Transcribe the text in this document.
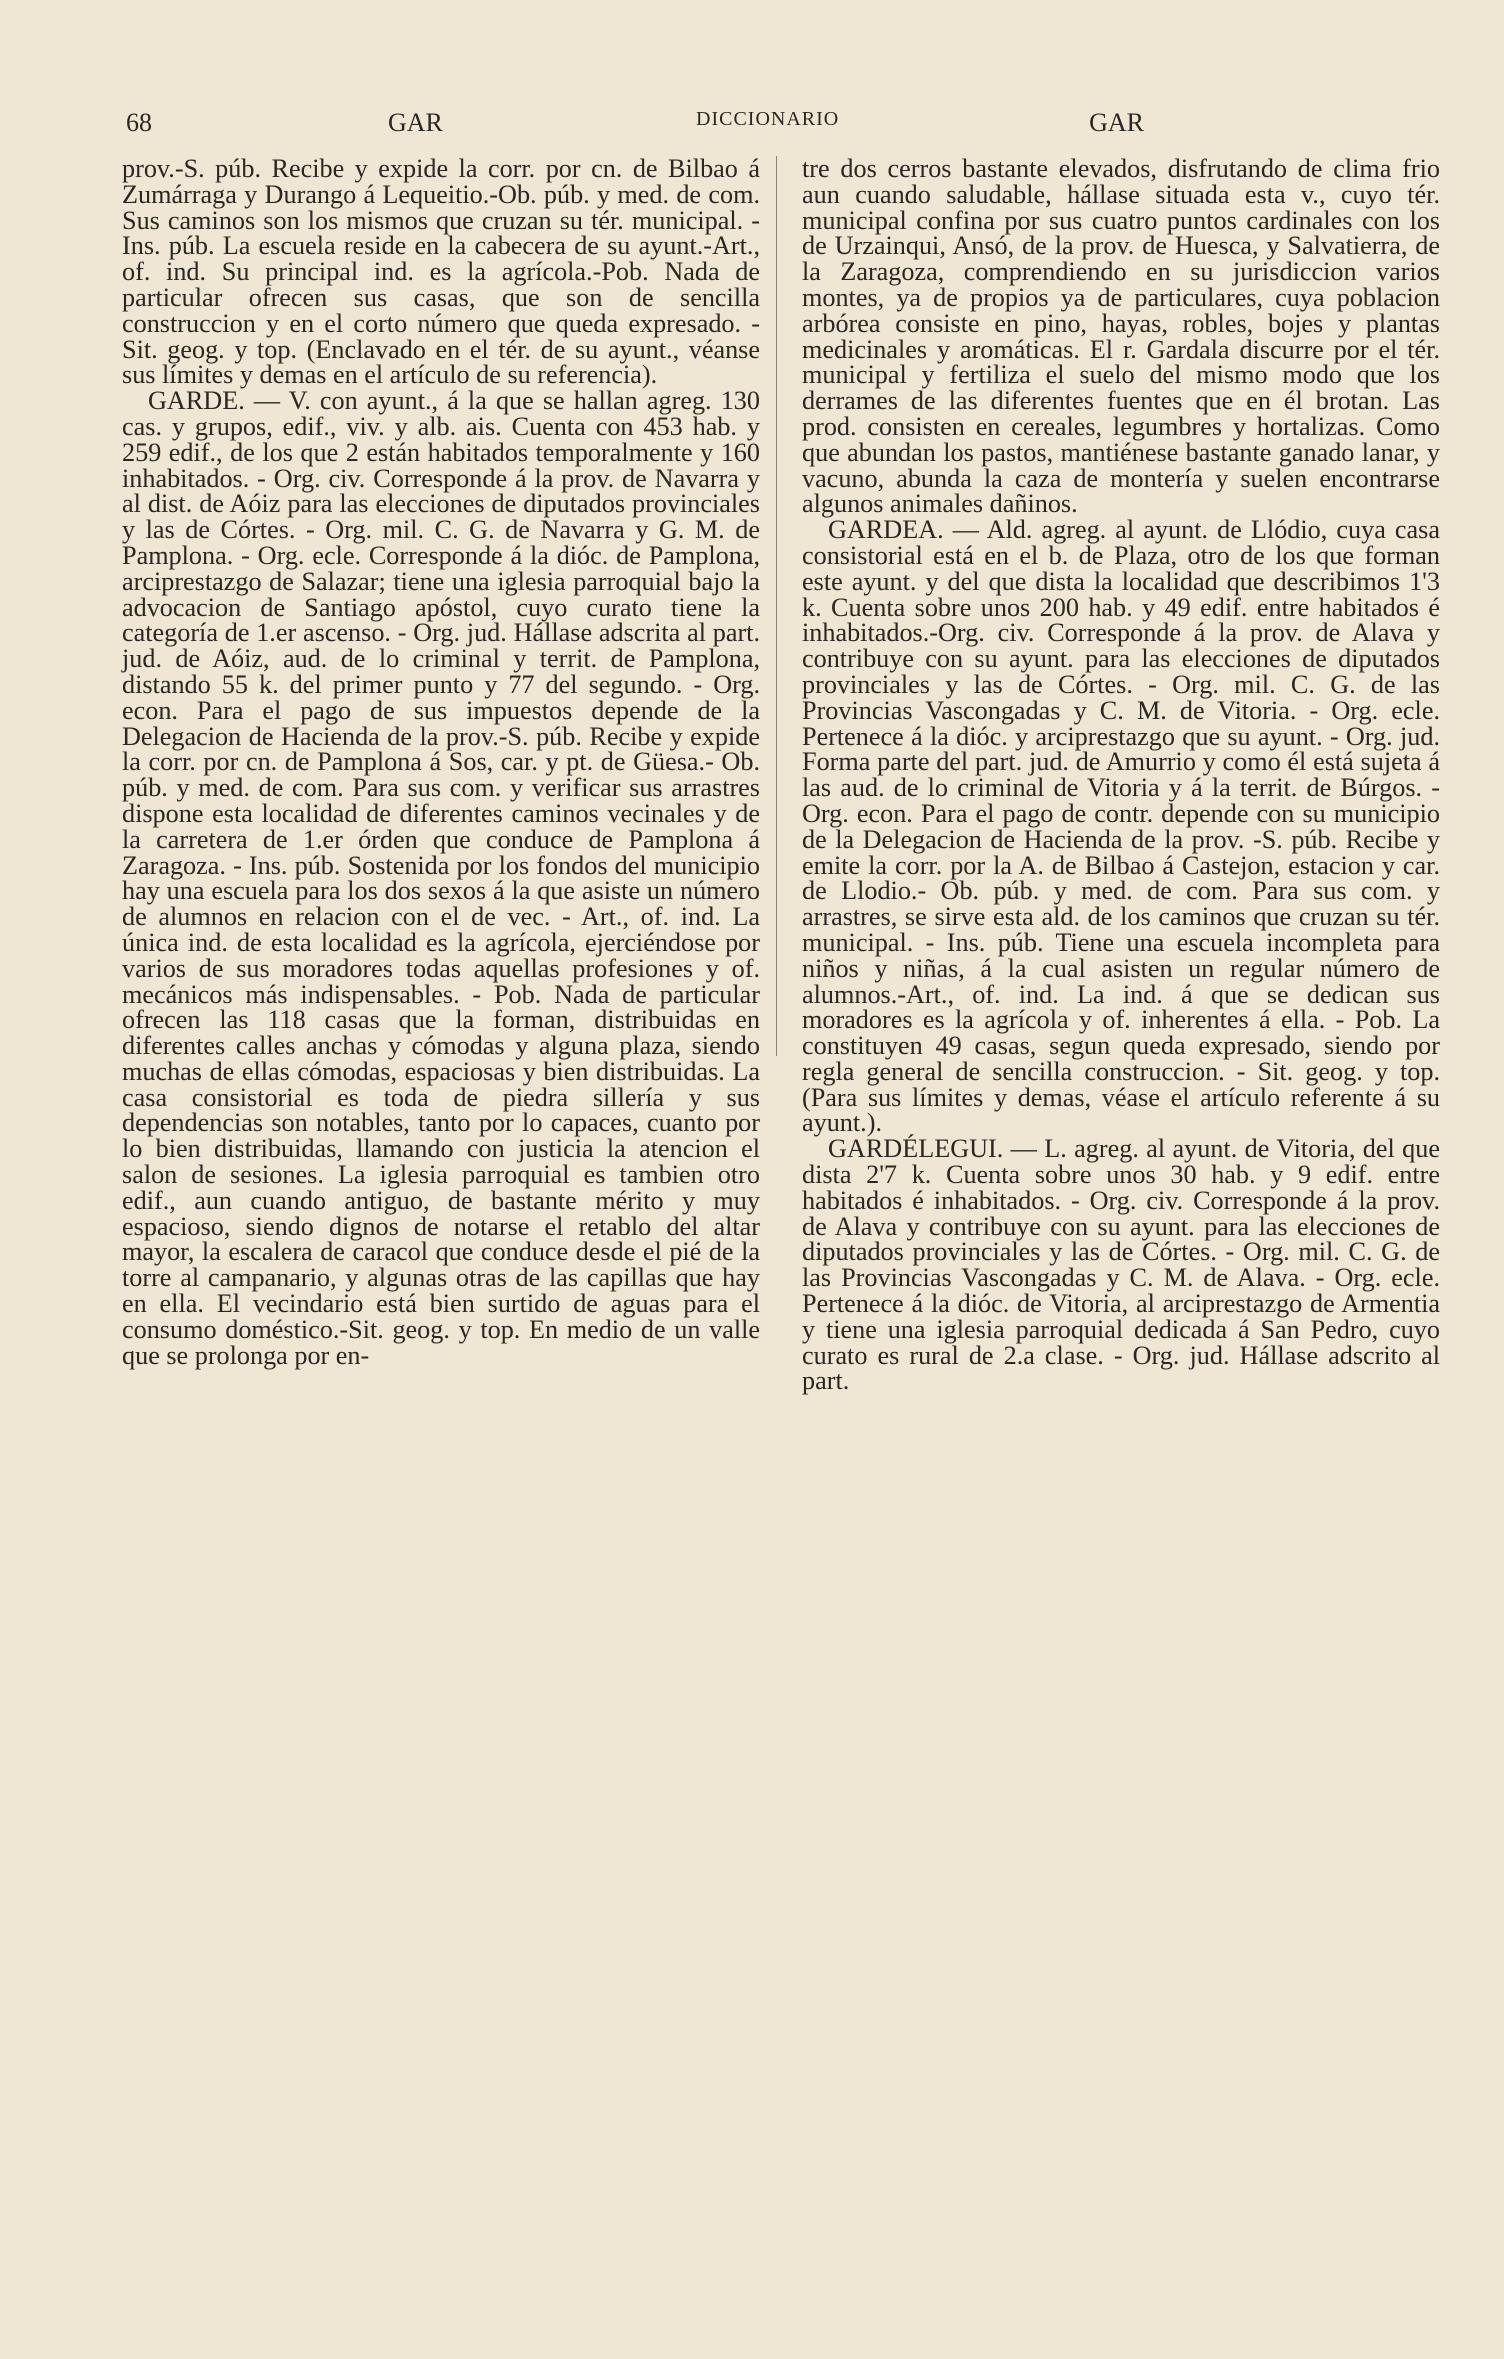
68	GAR	DICCIONARIO	GAR

prov.-S. púb. Recibe y expide la corr. por cn. de Bilbao á Zumárraga y Durango á Lequeitio.-Ob. púb. y med. de com. Sus caminos son los mismos que cruzan su tér. municipal. - Ins. púb. La escuela reside en la cabecera de su ayunt.-Art., of. ind. Su principal ind. es la agrícola.-Pob. Nada de particular ofrecen sus casas, que son de sencilla construccion y en el corto número que queda expresado. - Sit. geog. y top. (Enclavado en el tér. de su ayunt., véanse sus límites y demas en el artículo de su referencia).

GARDE. — V. con ayunt., á la que se hallan agreg. 130 cas. y grupos, edif., viv. y alb. ais. Cuenta con 453 hab. y 259 edif., de los que 2 están habitados temporalmente y 160 inhabitados. - Org. civ. Corresponde á la prov. de Navarra y al dist. de Aóiz para las elecciones de diputados provinciales y las de Córtes. - Org. mil. C. G. de Navarra y G. M. de Pamplona. - Org. ecle. Corresponde á la dióc. de Pamplona, arciprestazgo de Salazar; tiene una iglesia parroquial bajo la advocacion de Santiago apóstol, cuyo curato tiene la categoría de 1.er ascenso. - Org. jud. Hállase adscrita al part. jud. de Aóiz, aud. de lo criminal y territ. de Pamplona, distando 55 k. del primer punto y 77 del segundo. - Org. econ. Para el pago de sus impuestos depende de la Delegacion de Hacienda de la prov.-S. púb. Recibe y expide la corr. por cn. de Pamplona á Sos, car. y pt. de Güesa.- Ob. púb. y med. de com. Para sus com. y verificar sus arrastres dispone esta localidad de diferentes caminos vecinales y de la carretera de 1.er órden que conduce de Pamplona á Zaragoza. - Ins. púb. Sostenida por los fondos del municipio hay una escuela para los dos sexos á la que asiste un número de alumnos en relacion con el de vec. - Art., of. ind. La única ind. de esta localidad es la agrícola, ejerciéndose por varios de sus moradores todas aquellas profesiones y of. mecánicos más indispensables. - Pob. Nada de particular ofrecen las 118 casas que la forman, distribuidas en diferentes calles anchas y cómodas y alguna plaza, siendo muchas de ellas cómodas, espaciosas y bien distribuidas. La casa consistorial es toda de piedra sillería y sus dependencias son notables, tanto por lo capaces, cuanto por lo bien distribuidas, llamando con justicia la atencion el salon de sesiones. La iglesia parroquial es tambien otro edif., aun cuando antiguo, de bastante mérito y muy espacioso, siendo dignos de notarse el retablo del altar mayor, la escalera de caracol que conduce desde el pié de la torre al campanario, y algunas otras de las capillas que hay en ella. El vecindario está bien surtido de aguas para el consumo doméstico.-Sit. geog. y top. En medio de un valle que se prolonga por en-

tre dos cerros bastante elevados, disfrutando de clima frio aun cuando saludable, hállase situada esta v., cuyo tér. municipal confina por sus cuatro puntos cardinales con los de Urzainqui, Ansó, de la prov. de Huesca, y Salvatierra, de la Zaragoza, comprendiendo en su jurisdiccion varios montes, ya de propios ya de particulares, cuya poblacion arbórea consiste en pino, hayas, robles, bojes y plantas medicinales y aromáticas. El r. Gardala discurre por el tér. municipal y fertiliza el suelo del mismo modo que los derrames de las diferentes fuentes que en él brotan. Las prod. consisten en cereales, legumbres y hortalizas. Como que abundan los pastos, mantiénese bastante ganado lanar, y vacuno, abunda la caza de montería y suelen encontrarse algunos animales dañinos.

GARDEA. — Ald. agreg. al ayunt. de Llódio, cuya casa consistorial está en el b. de Plaza, otro de los que forman este ayunt. y del que dista la localidad que describimos 1'3 k. Cuenta sobre unos 200 hab. y 49 edif. entre habitados é inhabitados.-Org. civ. Corresponde á la prov. de Alava y contribuye con su ayunt. para las elecciones de diputados provinciales y las de Córtes. - Org. mil. C. G. de las Provincias Vascongadas y C. M. de Vitoria. - Org. ecle. Pertenece á la dióc. y arciprestazgo que su ayunt. - Org. jud. Forma parte del part. jud. de Amurrio y como él está sujeta á las aud. de lo criminal de Vitoria y á la territ. de Búrgos. - Org. econ. Para el pago de contr. depende con su municipio de la Delegacion de Hacienda de la prov. -S. púb. Recibe y emite la corr. por la A. de Bilbao á Castejon, estacion y car. de Llodio.- Ob. púb. y med. de com. Para sus com. y arrastres, se sirve esta ald. de los caminos que cruzan su tér. municipal. - Ins. púb. Tiene una escuela incompleta para niños y niñas, á la cual asisten un regular número de alumnos.-Art., of. ind. La ind. á que se dedican sus moradores es la agrícola y of. inherentes á ella. - Pob. La constituyen 49 casas, segun queda expresado, siendo por regla general de sencilla construccion. - Sit. geog. y top. (Para sus límites y demas, véase el artículo referente á su ayunt.).

GARDÉLEGUI. — L. agreg. al ayunt. de Vitoria, del que dista 2'7 k. Cuenta sobre unos 30 hab. y 9 edif. entre habitados é inhabitados. - Org. civ. Corresponde á la prov. de Alava y contribuye con su ayunt. para las elecciones de diputados provinciales y las de Córtes. - Org. mil. C. G. de las Provincias Vascongadas y C. M. de Alava. - Org. ecle. Pertenece á la dióc. de Vitoria, al arciprestazgo de Armentia y tiene una iglesia parroquial dedicada á San Pedro, cuyo curato es rural de 2.a clase. - Org. jud. Hállase adscrito al part.
